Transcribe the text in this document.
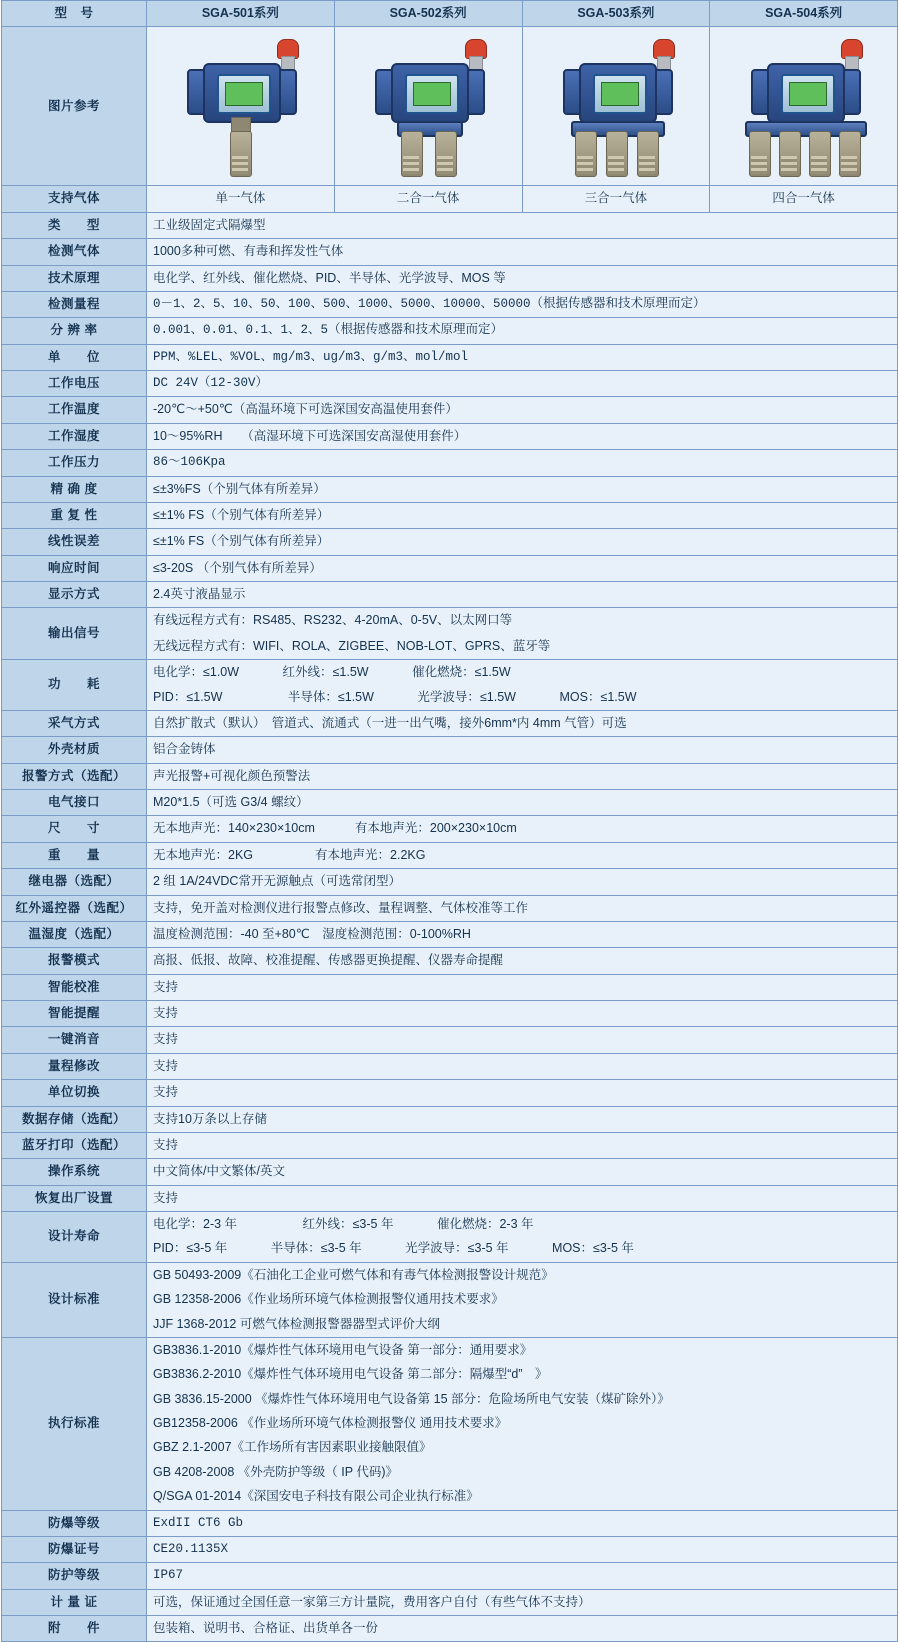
型　号	SGA-501系列	SGA-502系列	SGA-503系列	SGA-504系列
图片参考	

支持气体	单一气体	二合一气体	三合一气体	四合一气体
类　　型	工业级固定式隔爆型			
检测气体	1000多种可燃、有毒和挥发性气体			
技术原理	电化学、红外线、催化燃烧、PID、半导体、光学波导、MOS 等			
检测量程	0－1、2、5、10、50、100、500、1000、5000、10000、50000（根据传感器和技术原理而定）			
分 辨 率	0.001、0.01、0.1、1、2、5（根据传感器和技术原理而定）			
单　　位	PPM、%LEL、%VOL、mg/m3、ug/m3、g/m3、mol/mol			
工作电压	DC 24V（12-30V）			
工作温度	-20℃～+50℃（高温环境下可选深国安高温使用套件）			
工作湿度	10～95%RH　　（高湿环境下可选深国安高湿使用套件）			
工作压力	86～106Kpa			
精 确 度	≤±3%FS（个别气体有所差异）			
重 复 性	≤±1% FS（个别气体有所差异）			
线性误差	≤±1% FS（个别气体有所差异）			
响应时间	≤3-20S （个别气体有所差异）			
显示方式	2.4英寸液晶显示			
输出信号	有线远程方式有：RS485、RS232、4-20mA、0-5V、以太网口等
无线远程方式有：WIFI、ROLA、ZIGBEE、NOB-LOT、GPRS、蓝牙等			

功　　耗	电化学：≤1.0W 红外线：≤1.5W 催化燃烧：≤1.5W
PID：≤1.5W 半导体：≤1.5W 光学波导：≤1.5W MOS：≤1.5W			

采气方式	自然扩散式（默认）　管道式、流通式（一进一出气嘴，接外6mm*内 4mm 气管）可选			
外壳材质	铝合金铸体			
报警方式（选配）	声光报警+可视化颜色预警法			
电气接口	M20*1.5（可选 G3/4 螺纹）			
尺　　寸	无本地声光：140×230×10cm 有本地声光：200×230×10cm			
重　　量	无本地声光：2KG 有本地声光：2.2KG			
继电器（选配）	2 组 1A/24VDC常开无源触点（可选常闭型）			
红外遥控器（选配）	支持，免开盖对检测仪进行报警点修改、量程调整、气体校准等工作			
温湿度（选配）	温度检测范围：-40 至+80℃　湿度检测范围：0-100%RH			
报警模式	高报、低报、故障、校准提醒、传感器更换提醒、仪器寿命提醒			
智能校准	支持			
智能提醒	支持			
一键消音	支持			
量程修改	支持			
单位切换	支持			
数据存储（选配）	支持10万条以上存储			
蓝牙打印（选配）	支持			
操作系统	中文简体/中文繁体/英文			
恢复出厂设置	支持			
设计寿命	电化学：2-3 年 红外线：≤3-5 年 催化燃烧：2-3 年
PID：≤3-5 年 半导体：≤3-5 年 光学波导：≤3-5 年 MOS：≤3-5 年			

设计标准	GB 50493-2009《石油化工企业可燃气体和有毒气体检测报警设计规范》
GB 12358-2006《作业场所环境气体检测报警仪通用技术要求》
JJF 1368-2012 可燃气体检测报警器器型式评价大纲			

执行标准	
GB3836.1-2010《爆炸性气体环境用电气设备 第一部分：通用要求》
GB3836.2-2010《爆炸性气体环境用电气设备 第二部分：隔爆型“d”　》
GB 3836.15-2000 《爆炸性气体环境用电气设备第 15 部分：危险场所电气安装（煤矿除外）》
GB12358-2006 《作业场所环境气体检测报警仪 通用技术要求》
GBZ 2.1-2007《工作场所有害因素职业接触限值》
GB 4208-2008 《外壳防护等级（ IP 代码)》
Q/SGA 01-2014《深国安电子科技有限公司企业执行标准》

防爆等级	ExdII CT6 Gb			
防爆证号	CE20.1135X			
防护等级	IP67			
计 量 证	可选，保证通过全国任意一家第三方计量院，费用客户自付（有些气体不支持）			
附　　件	包装箱、说明书、合格证、出货单各一份			
